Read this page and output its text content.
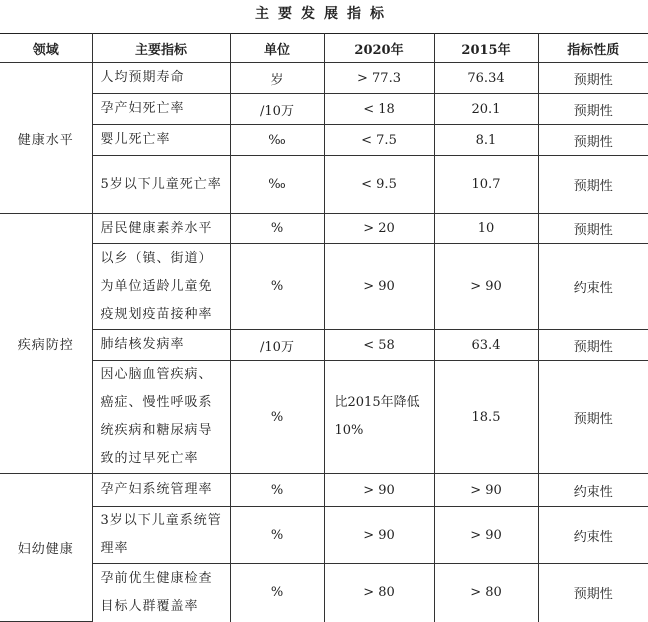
主要发展指标
领域	主要指标	单位	2020年	2015年	指标性质
健康水平	人均预期寿命	岁	> 77.3	76.34	预期性
	孕产妇死亡率	/10万	< 18	20.1	预期性
	婴儿死亡率	‰	< 7.5	8.1	预期性
	5岁以下儿童死亡率	‰	< 9.5	10.7	预期性
疾病防控	居民健康素养水平	%	> 20	10	预期性
	以乡（镇、街道）为单位适龄儿童免疫规划疫苗接种率	%	> 90	> 90	约束性
	肺结核发病率	/10万	< 58	63.4	预期性
	因心脑血管疾病、癌症、慢性呼吸系统疾病和糖尿病导致的过早死亡率	%	比2015年降低10%	18.5	预期性
妇幼健康	孕产妇系统管理率	%	> 90	> 90	约束性
	3岁以下儿童系统管理率	%	> 90	> 90	约束性
	孕前优生健康检查目标人群覆盖率	%	> 80	> 80	预期性
